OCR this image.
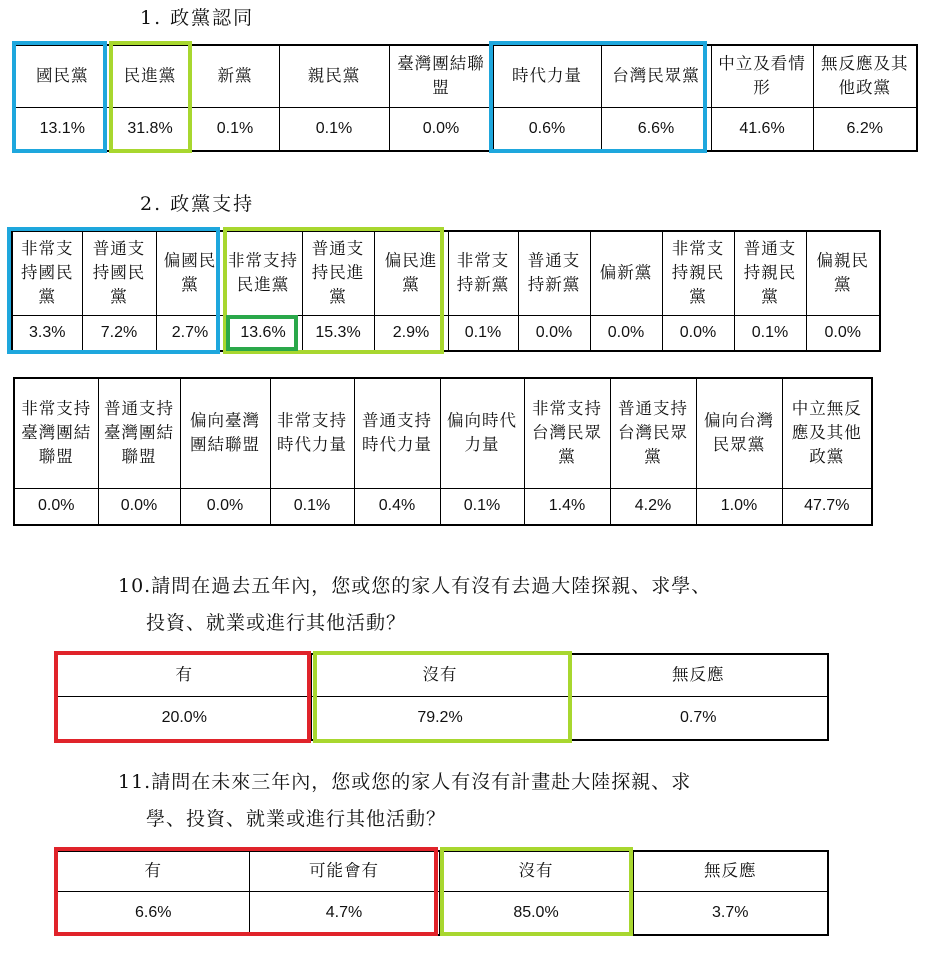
1. 政黨認同
國民黨	民進黨	新黨	親民黨	臺灣團結聯盟	時代力量	台灣民眾黨	中立及看情形	無反應及其他政黨
13.1%	31.8%	0.1%	0.1%	0.0%	0.6%	6.6%	41.6%	6.2%
2. 政黨支持
非常支持國民黨	普通支持國民黨	偏國民黨	非常支持民進黨	普通支持民進黨	偏民進黨	非常支持新黨	普通支持新黨	偏新黨	非常支持親民黨	普通支持親民黨	偏親民黨
3.3%	7.2%	2.7%	13.6%	15.3%	2.9%	0.1%	0.0%	0.0%	0.0%	0.1%	0.0%
非常支持臺灣團結聯盟	普通支持臺灣團結聯盟	偏向臺灣團結聯盟	非常支持時代力量	普通支持時代力量	偏向時代力量	非常支持台灣民眾黨	普通支持台灣民眾黨	偏向台灣民眾黨	中立無反應及其他政黨
0.0%	0.0%	0.0%	0.1%	0.4%	0.1%	1.4%	4.2%	1.0%	47.7%
10.請問在過去五年內，您或您的家人有沒有去過大陸探親、求學、
投資、就業或進行其他活動？
有	沒有	無反應
20.0%	79.2%	0.7%
11.請問在未來三年內，您或您的家人有沒有計畫赴大陸探親、求
學、投資、就業或進行其他活動？
有	可能會有	沒有	無反應
6.6%	4.7%	85.0%	3.7%
